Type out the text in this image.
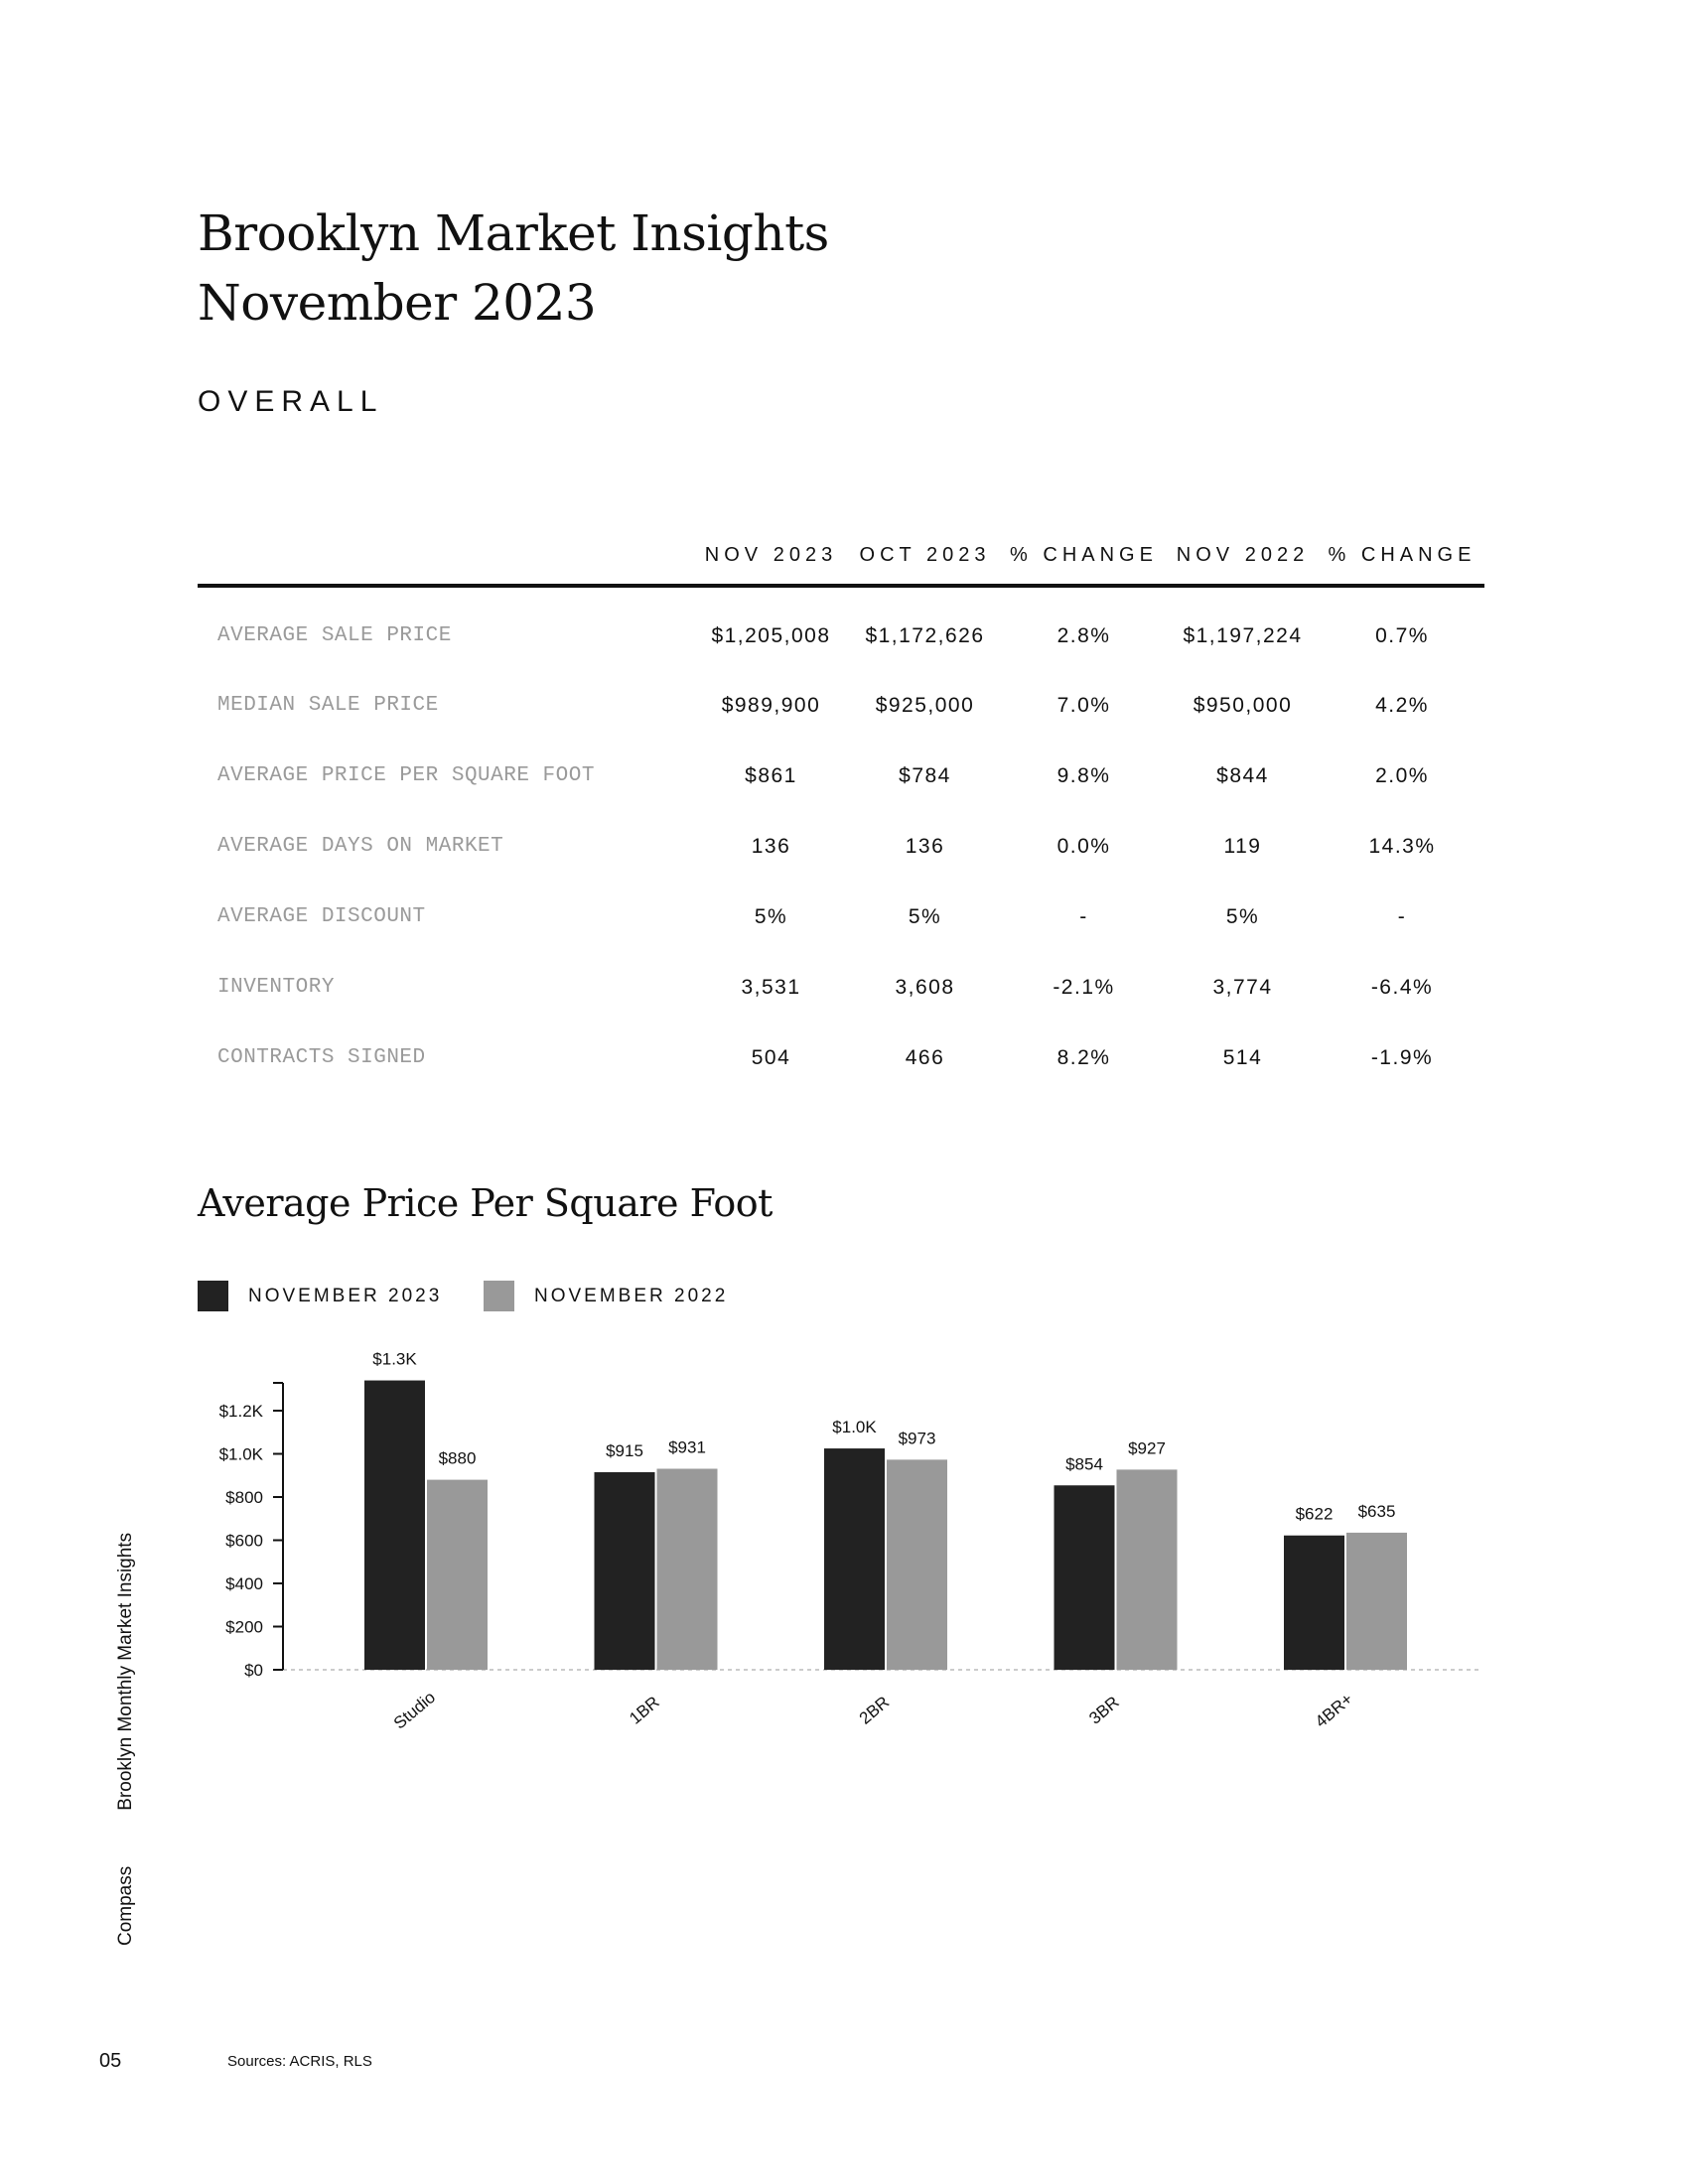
Brooklyn Market Insights
November 2023
OVERALL
	NOV 2023	OCT 2023	% CHANGE	NOV 2022	% CHANGE
AVERAGE SALE PRICE	$1,205,008	$1,172,626	2.8%	$1,197,224	0.7%
MEDIAN SALE PRICE	$989,900	$925,000	7.0%	$950,000	4.2%
AVERAGE PRICE PER SQUARE FOOT	$861	$784	9.8%	$844	2.0%
AVERAGE DAYS ON MARKET	136	136	0.0%	119	14.3%
AVERAGE DISCOUNT	5%	5%	-	5%	-
INVENTORY	3,531	3,608	-2.1%	3,774	-6.4%
CONTRACTS SIGNED	504	466	8.2%	514	-1.9%
Average Price Per Square Foot
NOVEMBER 2023	NOVEMBER 2022
$0
$200
$400
$600
$800
$1.0K
$1.2K
$1.3K
$880
Studio
$915 $931
1BR
$1.0K
$973
2BR
$854
$927
3BR
$622 $635
4BR+
CompassBrooklyn Monthly Market Insights
05	Sources: ACRIS, RLS
